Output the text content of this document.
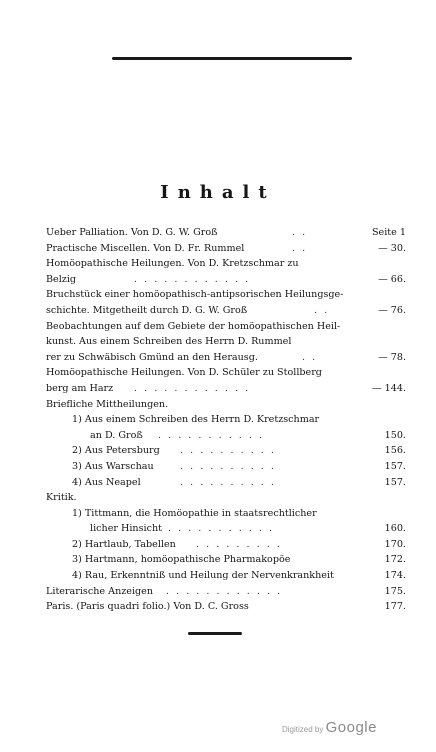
Inhalt
Ueber Palliation. Von D. G. W. Groß	. .	Seite 1
Practische Miscellen. Von D. Fr. Rummel	. .	— 30.
Homöopathische Heilungen. Von D. Kretzschmar zu
Belzig	. . . . . . . . . . . .	— 66.
Bruchstück einer homöopathisch-antipsorischen Heilungsge-
schichte. Mitgetheilt durch D. G. W. Groß	. .	— 76.
Beobachtungen auf dem Gebiete der homöopathischen Heil-
kunst. Aus einem Schreiben des Herrn D. Rummel
rer zu Schwäbisch Gmünd an den Herausg.	. .	— 78.
Homöopathische Heilungen. Von D. Schüler zu Stollberg
berg am Harz . . . . . . . . . . . .	— 144.
Briefliche Mittheilungen.
1) Aus einem Schreiben des Herrn D. Kretzschmar
an D. Groß . . . . . . . . . . .	150.
2) Aus Petersburg . . . . . . . . . .	156.
3) Aus Warschau	. . . . . . . . . .	157.
4) Aus Neapel	. . . . . . . . . .	157.
Kritik.
1) Tittmann, die Homöopathie in staatsrechtlicher
licher Hinsicht . . . . . . . . . . .	160.
2) Hartlaub, Tabellen . . . . . . . . .	170.
3) Hartmann, homöopathische Pharmakopöe	172.
4) Rau, Erkenntniß und Heilung der Nervenkrankheit	174.
Literarische Anzeigen . . . . . . . . . . . .	175.
Paris. (Paris quadri folio.) Von D. C. Gross	177.
Digitized by Google
